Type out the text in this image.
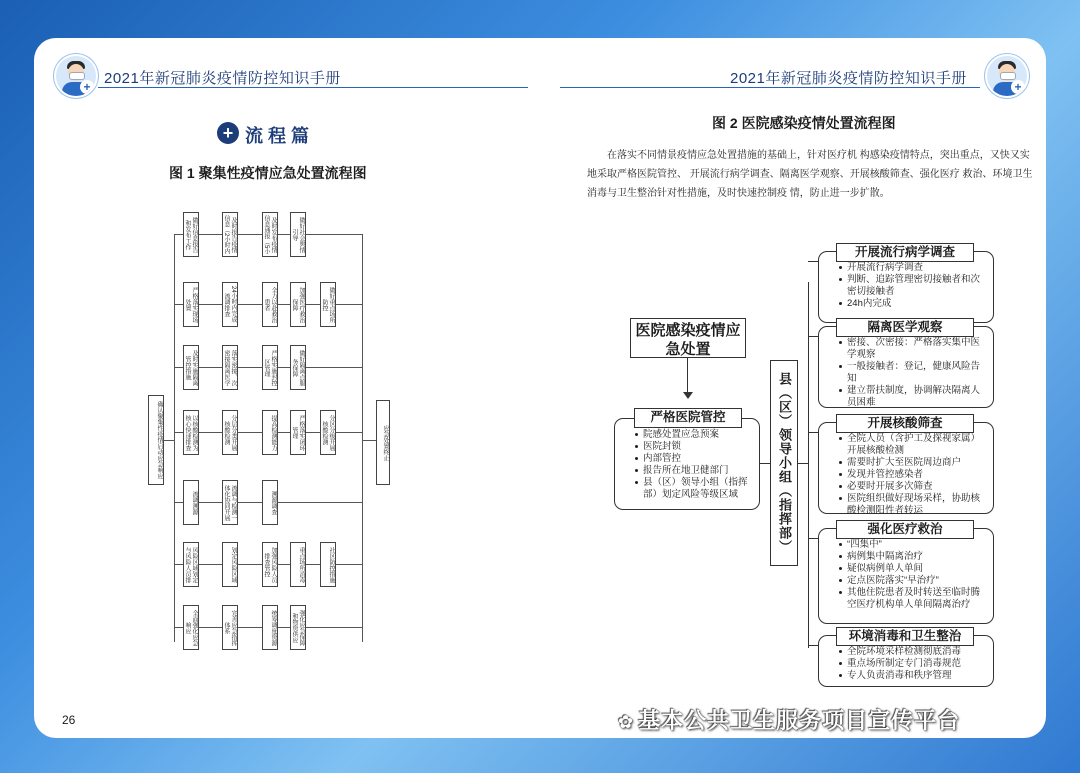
+ 2021年新冠肺炎疫情防控知识手册	2021年新冠肺炎疫情防控知识手册	+
+ 流程篇
图 1 聚集性疫情应急处置流程图
确认聚集性疫情启动应急响应	应急处置终止
做好信息报告和发布工作	及时报告疫情信息（2小时内
及时发布疫情信息通报（5小	做好社会舆情引导
严格落实现场处置	24小时内完成流调排查	全力以赴救治患者	加强医疗救治保障	做好重点场所防控
及时实施隔离管控措施
落实密接、次密接隔离医学	严格实施封控区管理	做好隔离点服务保障
以核酸检测为核心快速排查	分层分类开展核酸检测	提高检测能力	严格落实闭环管理	分区分级开展核酸检测
流调溯源	流调与检测一体化协同开展	溯源调查
风险区域划定与风险人员排	划定风险区域	加强风险人员排查管控	重点场所消毒	社区防控措施
全面强化应急响应	完善应急指挥体系	统筹调度资源	强化应急保障和物资供应
图 2 医院感染疫情处置流程图
在落实不同情景疫情应急处置措施的基础上，针对医疗机 构感染疫情特点，突出重点，又快又实地采取严格医院管控、 开展流行病学调查、隔离医学观察、开展核酸筛查、强化医疗 救治、环境卫生消毒与卫生整治针对性措施，及时快速控制疫 情，防止进一步扩散。
医院感染疫情应急处置
严格医院管控
院感处置应急预案
医院封锁
内部管控
报告所在地卫健部门
县（区）领导小组（指挥部）划定风险等级区域	县（区）领导小组（指挥部）
开展流行病学调查
开展流行病学调查
判断、追踪管理密切接触者和次密切接触者
24h内完成
隔离医学观察
密接、次密接：严格落实集中医学观察
一般接触者：登记，健康风险告知
建立帮扶制度，协调解决隔离人员困难
开展核酸筛查
全院人员（含护工及探视家属）开展核酸检测
需要时扩大至医院周边商户
发现并管控感染者
必要时开展多次筛查
医院组织做好现场采样，协助核酸检测阳性者转运
强化医疗救治
“四集中”
病例集中隔离治疗
疑似病例单人单间
定点医院落实“早治疗”
其他住院患者及时转送至临时腾空医疗机构单人单间隔离治疗
环境消毒和卫生整治
全院环境采样检测彻底消毒
重点场所制定专门消毒规范
专人负责消毒和秩序管理
26	✿ 基本公共卫生服务项目宣传平台
